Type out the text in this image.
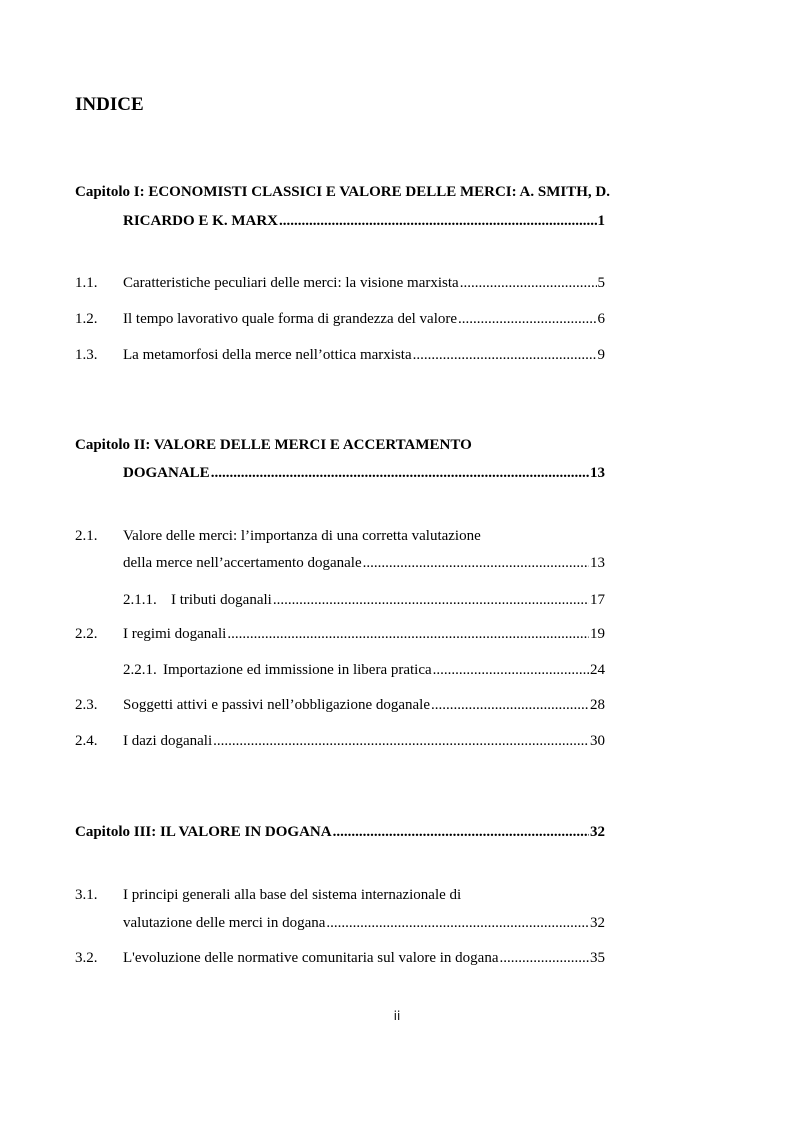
INDICE
Capitolo I: ECONOMISTI CLASSICI E VALORE DELLE MERCI: A. SMITH, D.
RICARDO E K. MARX .....	1
1.1. Caratteristiche peculiari delle merci: la visione marxista .....	5
1.2. Il tempo lavorativo quale forma di grandezza del valore .....	6
1.3. La metamorfosi della merce nell’ottica marxista .....	9
Capitolo II: VALORE DELLE MERCI E ACCERTAMENTO
DOGANALE .....	13
2.1. Valore delle merci: l’importanza di una corretta valutazione
della merce nell’accertamento doganale .....	13
2.1.1. I tributi doganali .....	17
2.2. I regimi doganali .....	19
2.2.1. Importazione ed immissione in libera pratica .....	24
2.3. Soggetti attivi e passivi nell’obbligazione doganale .....	28
2.4. I dazi doganali .....	30
Capitolo III: IL VALORE IN DOGANA .....	32
3.1. I principi generali alla base del sistema internazionale di
valutazione delle merci in dogana .....	32
3.2. L'evoluzione delle normative comunitaria sul valore in dogana .....	35
ii
